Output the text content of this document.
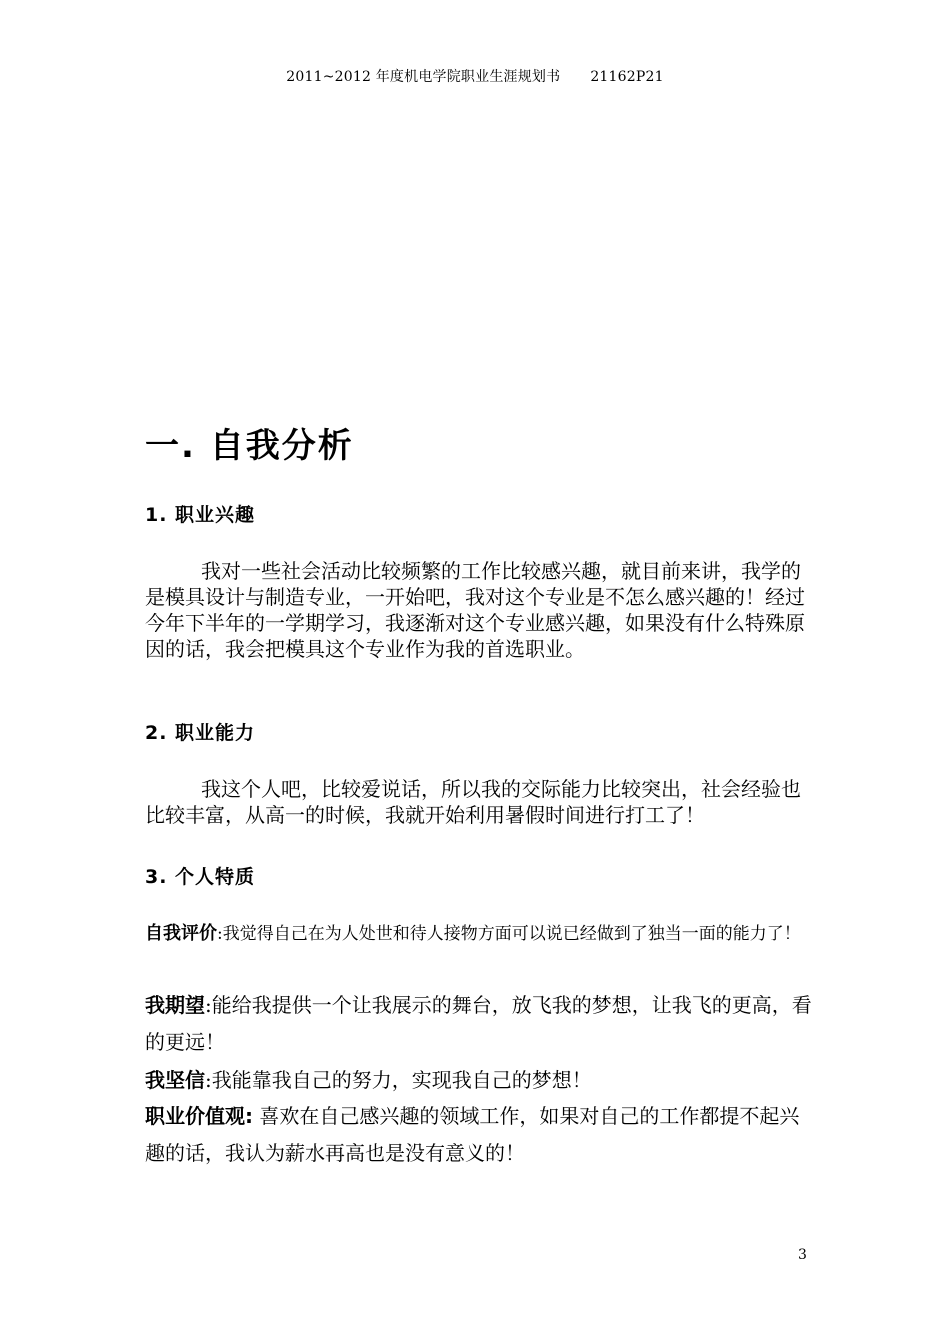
2011~2012 年度机电学院职业生涯规划书 21162P21
一. 自我分析
1. 职业兴趣
我对一些社会活动比较频繁的工作比较感兴趣，就目前来讲，我学的是模具设计与制造专业，一开始吧，我对这个专业是不怎么感兴趣的！经过今年下半年的一学期学习，我逐渐对这个专业感兴趣，如果没有什么特殊原因的话，我会把模具这个专业作为我的首选职业。
2. 职业能力
我这个人吧，比较爱说话，所以我的交际能力比较突出，社会经验也比较丰富，从高一的时候，我就开始利用暑假时间进行打工了！
3. 个人特质
自我评价:我觉得自己在为人处世和待人接物方面可以说已经做到了独当一面的能力了！
我期望:能给我提供一个让我展示的舞台，放飞我的梦想，让我飞的更高，看的更远！
我坚信:我能靠我自己的努力，实现我自己的梦想！
职业价值观: 喜欢在自己感兴趣的领域工作，如果对自己的工作都提不起兴趣的话，我认为薪水再高也是没有意义的！
3
